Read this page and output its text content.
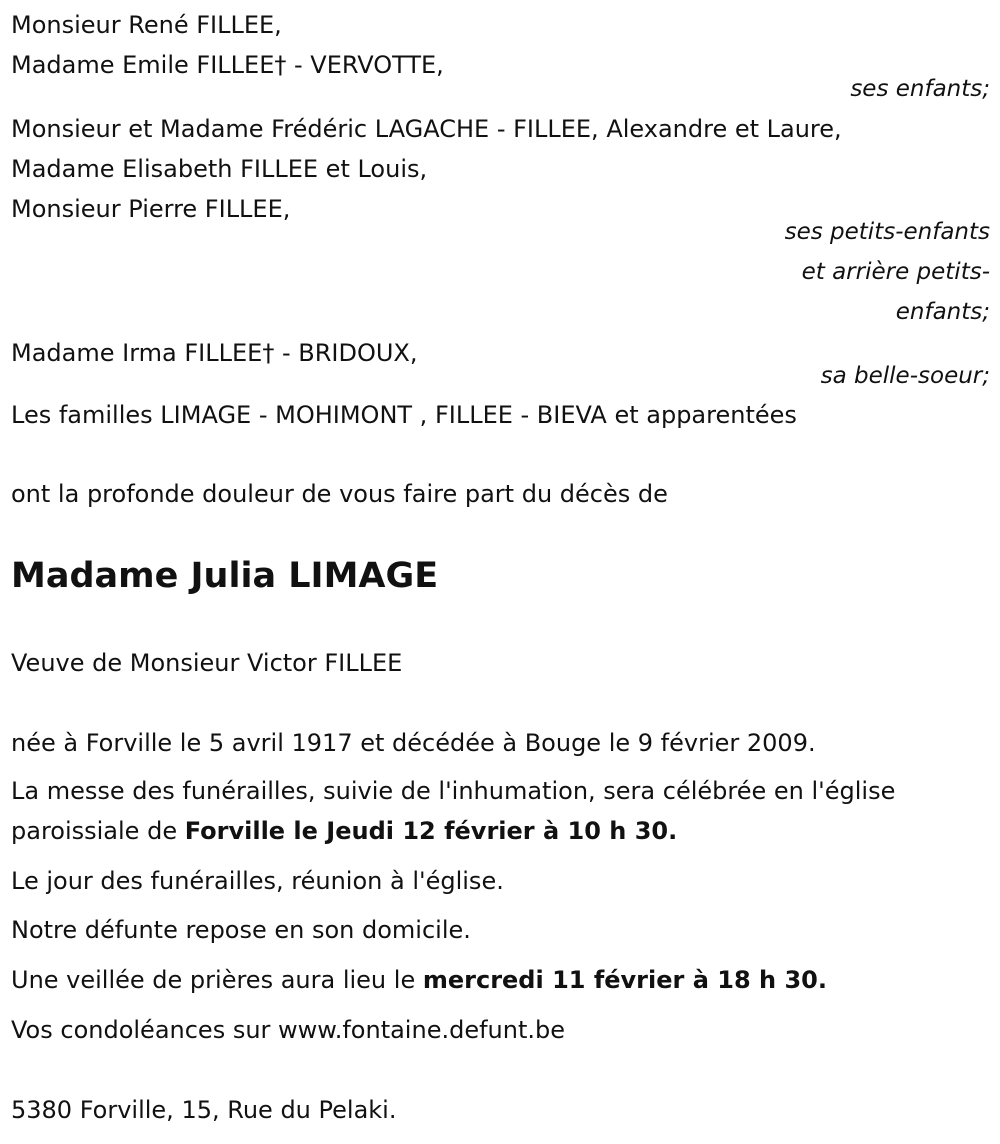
Monsieur René FILLEE,
Madame Emile FILLEE† - VERVOTTE,
ses enfants;
Monsieur et Madame Frédéric LAGACHE - FILLEE, Alexandre et Laure,
Madame Elisabeth FILLEE et Louis,
Monsieur Pierre FILLEE,
ses petits-enfants
et arrière petits-
enfants;
Madame Irma FILLEE† - BRIDOUX,
sa belle-soeur;
Les familles LIMAGE - MOHIMONT , FILLEE - BIEVA et apparentées
ont la profonde douleur de vous faire part du décès de
Madame Julia LIMAGE
Veuve de Monsieur Victor FILLEE
née à Forville le 5 avril 1917 et décédée à Bouge le 9 février 2009.
La messe des funérailles, suivie de l'inhumation, sera célébrée en l'église
paroissiale de Forville le Jeudi 12 février à 10 h 30.
Le jour des funérailles, réunion à l'église.
Notre défunte repose en son domicile.
Une veillée de prières aura lieu le mercredi 11 février à 18 h 30.
Vos condoléances sur www.fontaine.defunt.be
5380 Forville, 15, Rue du Pelaki.
